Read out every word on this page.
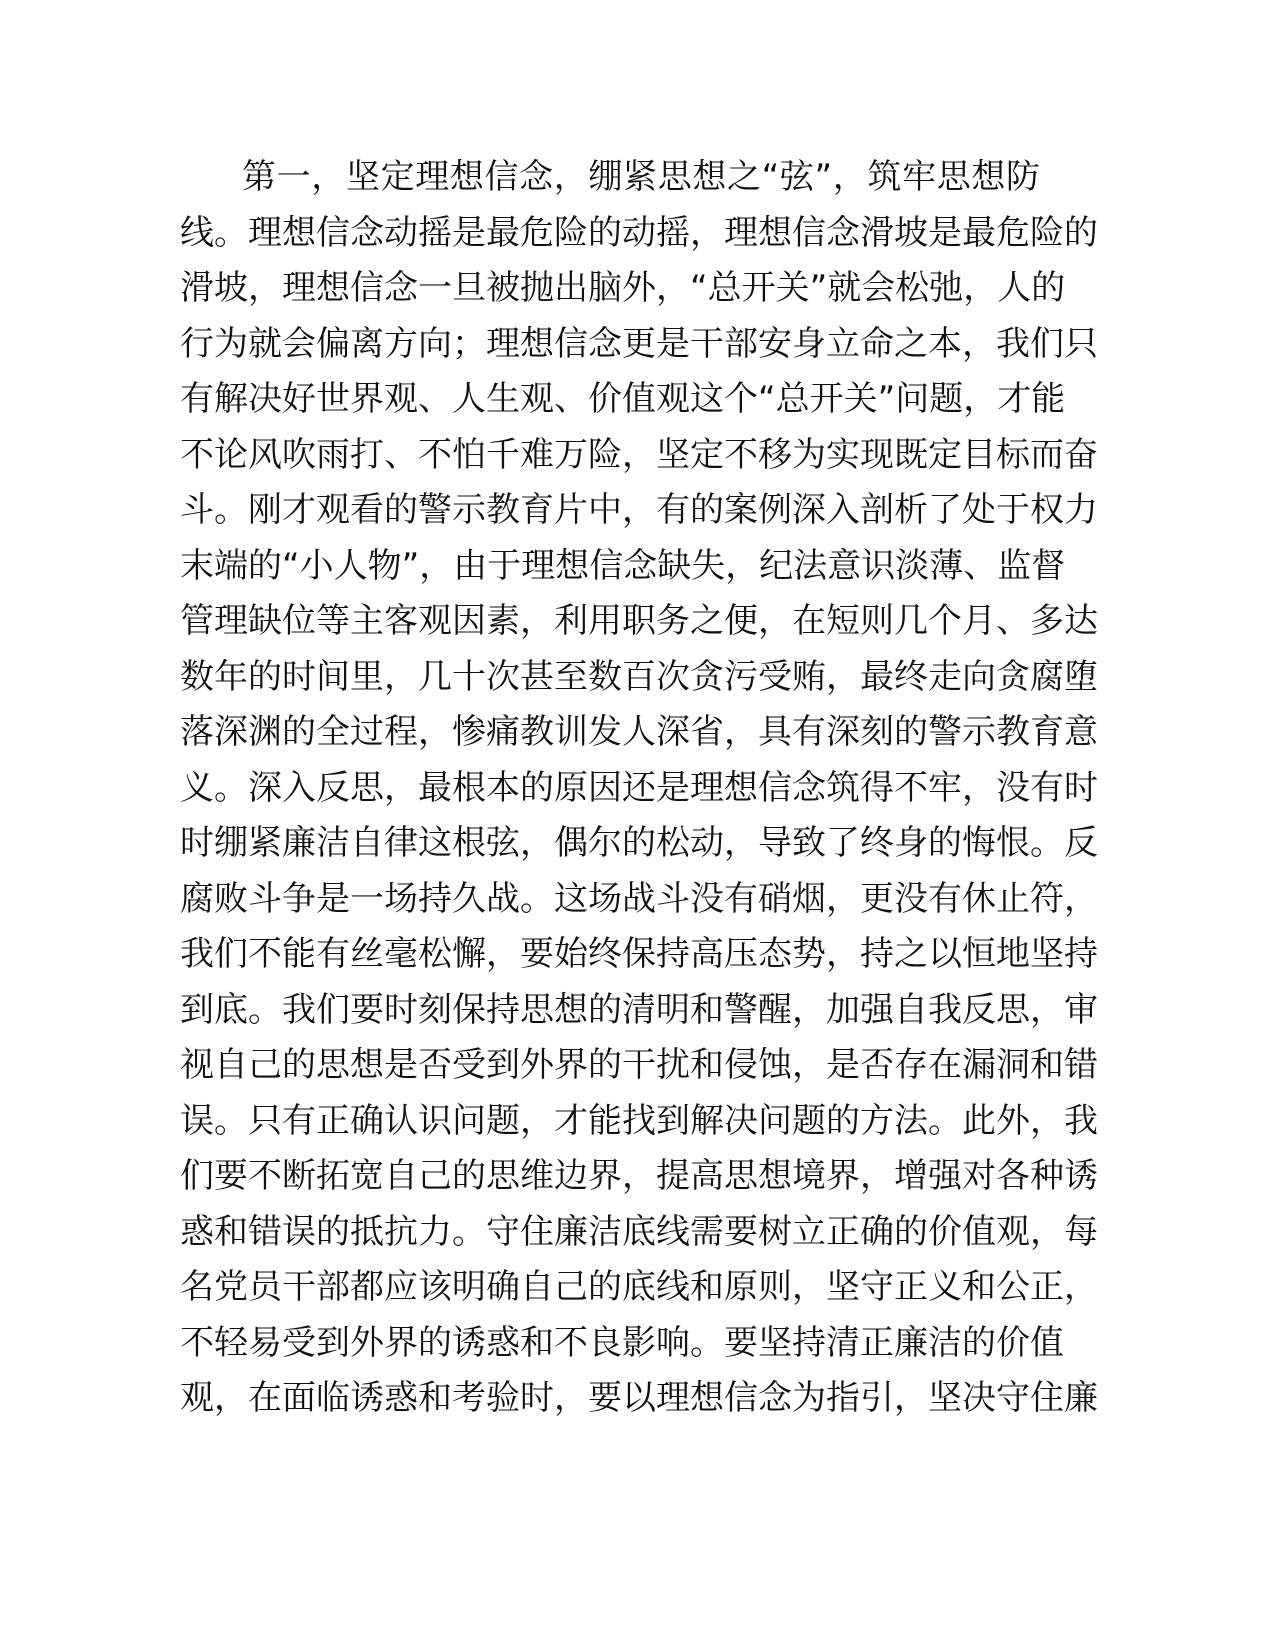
第一，坚定理想信念，绷紧思想之“弦”，筑牢思想防
线。理想信念动摇是最危险的动摇，理想信念滑坡是最危险的
滑坡，理想信念一旦被抛出脑外，“总开关”就会松弛，人的
行为就会偏离方向；理想信念更是干部安身立命之本，我们只
有解决好世界观、人生观、价值观这个“总开关”问题，才能
不论风吹雨打、不怕千难万险，坚定不移为实现既定目标而奋
斗。刚才观看的警示教育片中，有的案例深入剖析了处于权力
末端的“小人物”，由于理想信念缺失，纪法意识淡薄、监督
管理缺位等主客观因素，利用职务之便，在短则几个月、多达
数年的时间里，几十次甚至数百次贪污受贿，最终走向贪腐堕
落深渊的全过程，惨痛教训发人深省，具有深刻的警示教育意
义。深入反思，最根本的原因还是理想信念筑得不牢，没有时
时绷紧廉洁自律这根弦，偶尔的松动，导致了终身的悔恨。反
腐败斗争是一场持久战。这场战斗没有硝烟，更没有休止符，
我们不能有丝毫松懈，要始终保持高压态势，持之以恒地坚持
到底。我们要时刻保持思想的清明和警醒，加强自我反思，审
视自己的思想是否受到外界的干扰和侵蚀，是否存在漏洞和错
误。只有正确认识问题，才能找到解决问题的方法。此外，我
们要不断拓宽自己的思维边界，提高思想境界，增强对各种诱
惑和错误的抵抗力。守住廉洁底线需要树立正确的价值观，每
名党员干部都应该明确自己的底线和原则，坚守正义和公正，
不轻易受到外界的诱惑和不良影响。要坚持清正廉洁的价值
观，在面临诱惑和考验时，要以理想信念为指引，坚决守住廉
